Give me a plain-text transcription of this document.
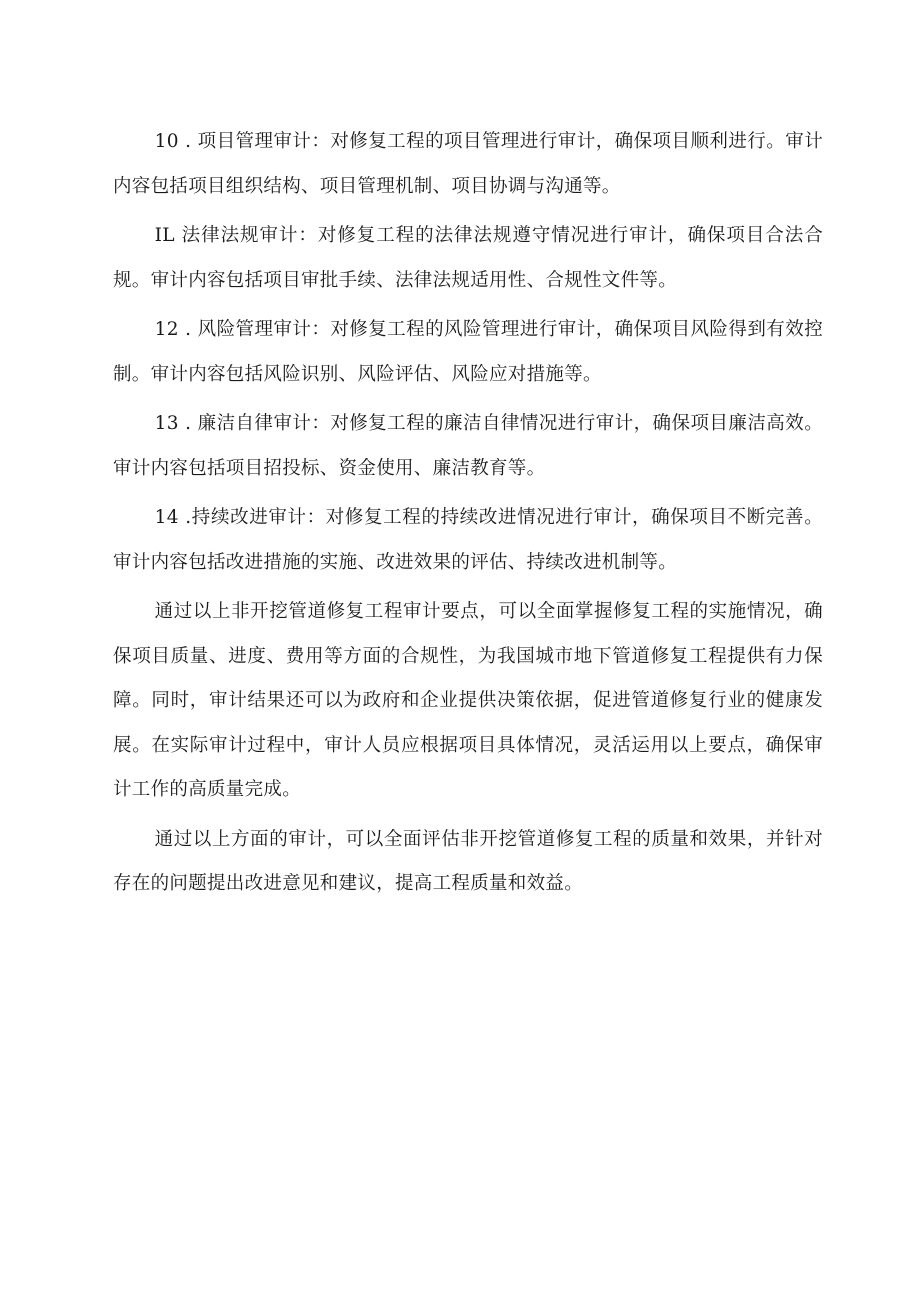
10 . 项目管理审计：对修复工程的项目管理进行审计，确保项目顺利进行。审计内容包括项目组织结构、项目管理机制、项目协调与沟通等。

IL 法律法规审计：对修复工程的法律法规遵守情况进行审计，确保项目合法合规。审计内容包括项目审批手续、法律法规适用性、合规性文件等。

12 . 风险管理审计：对修复工程的风险管理进行审计，确保项目风险得到有效控制。审计内容包括风险识别、风险评估、风险应对措施等。

13 . 廉洁自律审计：对修复工程的廉洁自律情况进行审计，确保项目廉洁高效。审计内容包括项目招投标、资金使用、廉洁教育等。

14 .持续改进审计：对修复工程的持续改进情况进行审计，确保项目不断完善。审计内容包括改进措施的实施、改进效果的评估、持续改进机制等。

通过以上非开挖管道修复工程审计要点，可以全面掌握修复工程的实施情况，确保项目质量、进度、费用等方面的合规性，为我国城市地下管道修复工程提供有力保障。同时，审计结果还可以为政府和企业提供决策依据，促进管道修复行业的健康发展。在实际审计过程中，审计人员应根据项目具体情况，灵活运用以上要点，确保审计工作的高质量完成。

通过以上方面的审计，可以全面评估非开挖管道修复工程的质量和效果，并针对存在的问题提出改进意见和建议，提高工程质量和效益。
